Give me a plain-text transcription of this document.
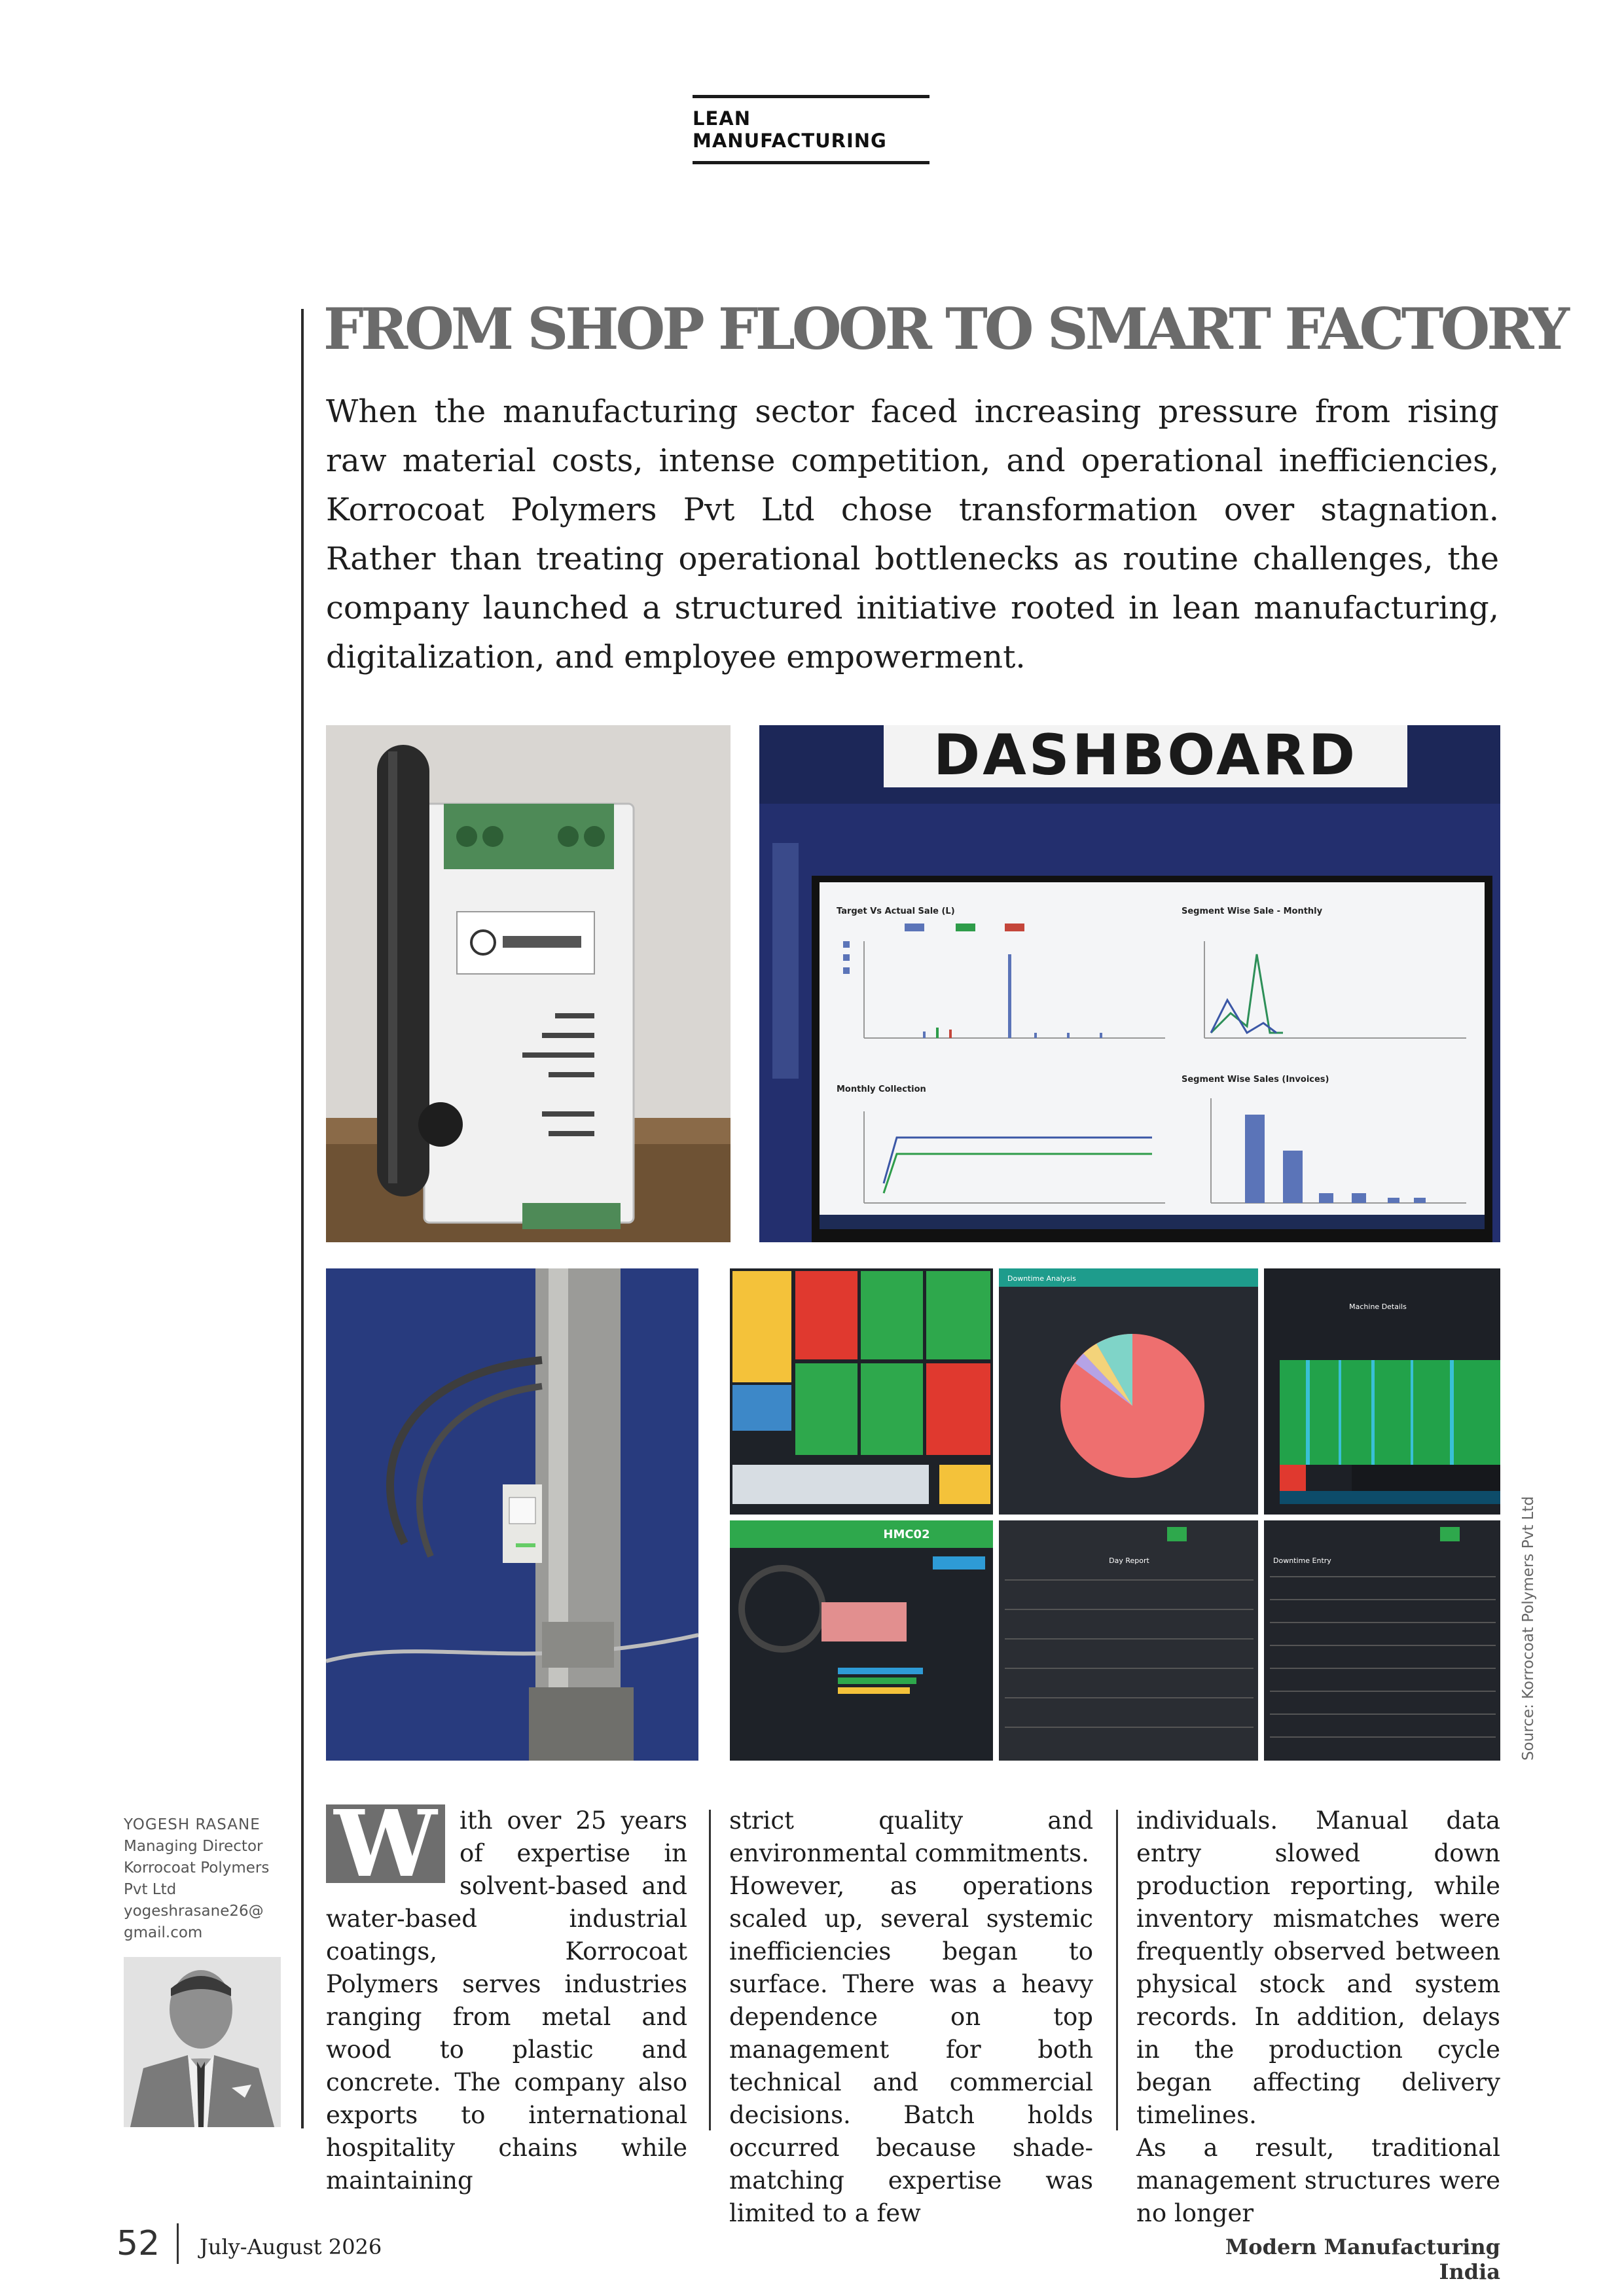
LEAN MANUFACTURING
FROM SHOP FLOOR TO SMART FACTORY
When the manufacturing sector faced increasing pressure from rising raw material costs, intense competition, and operational inefficiencies, Korrocoat Polymers Pvt Ltd chose transformation over stagnation. Rather than treating operational bottlenecks as routine challenges, the company launched a structured initiative rooted in lean manufacturing, digitalization, and employee empowerment.
DASHBOARD
Target Vs Actual Sale (L)	Segment Wise Sale - Monthly
Monthly Collection
Segment Wise Sales (Invoices)
Downtime Analysis
Machine Details
HMC02
Day Report	Downtime Entry	Source: Korrocoat Polymers Pvt Ltd
YOGESH RASANE
Managing Director
Korrocoat Polymers
Pvt Ltd
yogeshrasane26@
gmail.com
W ith over 25 years of expertise in solvent-based and water-based industrial coatings, Korrocoat Polymers serves industries ranging from metal and wood to plastic and concrete. The company also exports to international hospitality chains while maintaining

strict quality and environmental commitments.

However, as operations scaled up, several systemic inefficiencies began to surface. There was a heavy dependence on top management for both technical and commercial decisions. Batch holds occurred because shade-matching expertise was limited to a few

individuals. Manual data entry slowed down production reporting, while inventory mismatches were frequently observed between physical stock and system records. In addition, delays in the production cycle began affecting delivery timelines.

As a result, traditional management structures were no longer

52 July-August 2026	Modern Manufacturing India
